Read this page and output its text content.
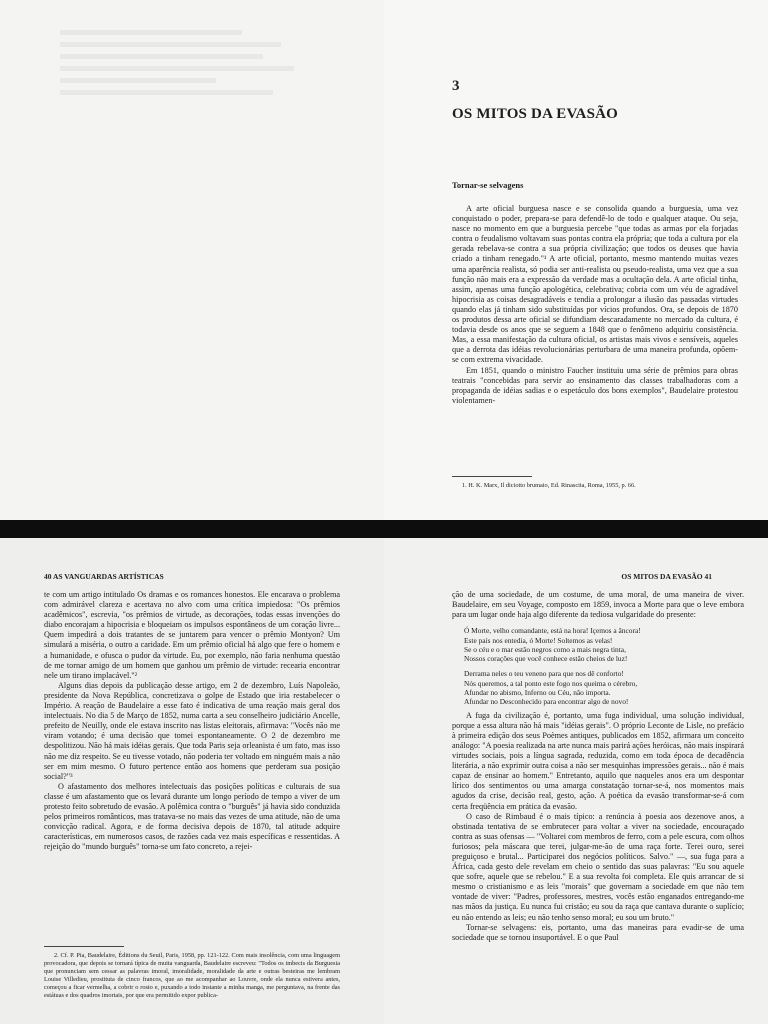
3
OS MITOS DA EVASÃO
Tornar-se selvagens

A arte oficial burguesa nasce e se consolida quando a burguesia, uma vez conquistado o poder, prepara-se para defendê-lo de todo e qualquer ataque. Ou seja, nasce no momento em que a burguesia percebe "que todas as armas por ela forjadas contra o feudalismo voltavam suas pontas contra ela própria; que toda a cultura por ela gerada rebelava-se contra a sua própria civilização; que todos os deuses que havia criado a tinham renegado."¹ A arte oficial, portanto, mesmo mantendo muitas vezes uma aparência realista, só podia ser anti-realista ou pseudo-realista, uma vez que a sua função não mais era a expressão da verdade mas a ocultação dela. A arte oficial tinha, assim, apenas uma função apologética, celebrativa; cobria com um véu de agradável hipocrisia as coisas desagradáveis e tendia a prolongar a ilusão das passadas virtudes quando elas já tinham sido substituídas por vícios profundos. Ora, se depois de 1870 os produtos dessa arte oficial se difundiam descaradamente no mercado da cultura, é todavia desde os anos que se seguem a 1848 que o fenômeno adquiriu consistência. Mas, a essa manifestação da cultura oficial, os artistas mais vivos e sensíveis, aqueles que a derrota das idéias revolucionárias perturbara de uma maneira profunda, opõem-se com extrema vivacidade.

Em 1851, quando o ministro Faucher instituiu uma série de prêmios para obras teatrais "concebidas para servir ao ensinamento das classes trabalhadoras com a propaganda de idéias sadias e o espetáculo dos bons exemplos", Baudelaire protestou violentamen-

1. H. K. Marx, Il diciotto brumaio, Ed. Rinascita, Roma, 1955, p. 66.

40 AS VANGUARDAS ARTÍSTICAS

te com um artigo intitulado Os dramas e os romances honestos. Ele encarava o problema com admirável clareza e acertava no alvo com uma crítica impiedosa: "Os prêmios acadêmicos", escrevia, "os prêmios de virtude, as decorações, todas essas invenções do diabo encorajam a hipocrisia e bloqueiam os impulsos espontâneos de um coração livre... Quem impedirá a dois tratantes de se juntarem para vencer o prêmio Montyon? Um simulará a miséria, o outro a caridade. Em um prêmio oficial há algo que fere o homem e a humanidade, e ofusca o pudor da virtude. Eu, por exemplo, não faria nenhuma questão de me tornar amigo de um homem que ganhou um prêmio de virtude: recearia encontrar nele um tirano implacável."²

Alguns dias depois da publicação desse artigo, em 2 de dezembro, Luís Napoleão, presidente da Nova República, concretizava o golpe de Estado que iria restabelecer o Império. A reação de Baudelaire a esse fato é indicativa de uma reação mais geral dos intelectuais. No dia 5 de Março de 1852, numa carta a seu conselheiro judiciário Ancelle, prefeito de Neuilly, onde ele estava inscrito nas listas eleitorais, afirmava: "Vocês não me viram votando; é uma decisão que tomei espontaneamente. O 2 de dezembro me despolitizou. Não há mais idéias gerais. Que toda Paris seja orleanista é um fato, mas isso não me diz respeito. Se eu tivesse votado, não poderia ter voltado em ninguém mais a não ser em mim mesmo. O futuro pertence então aos homens que perderam sua posição social?"³

O afastamento dos melhores intelectuais das posições políticas e culturais de sua classe é um afastamento que os levará durante um longo período de tempo a viver de um protesto feito sobretudo de evasão. A polêmica contra o "burguês" já havia sido conduzida pelos primeiros românticos, mas tratava-se no mais das vezes de uma atitude, não de uma convicção radical. Agora, e de forma decisiva depois de 1870, tal atitude adquire características, em numerosos casos, de razões cada vez mais específicas e ressentidas. A rejeição do "mundo burguês" torna-se um fato concreto, a rejei-

2. Cf. P. Pia, Baudelaire, Éditions du Seuil, Paris, 1958, pp. 121-122. Com mais insolência, com uma linguagem provocadora, que depois se tornará típica de muita vanguarda, Baudelaire escreveu: "Todos os imbecis da Burguesia que pronunciam sem cessar as palavras imoral, imoralidade, moralidade da arte e outras besteiras me lembram Louise Villedieu, prostituta de cinco francos, que ao me acompanhar ao Louvre, onde ela nunca estivera antes, começou a ficar vermelha, a cobrir o rosto e, puxando a todo instante a minha manga, me perguntava, na frente das estátuas e dos quadros imortais, por que era permitido expor publica-

OS MITOS DA EVASÃO 41

ção de uma sociedade, de um costume, de uma moral, de uma maneira de viver. Baudelaire, em seu Voyage, composto em 1859, invoca a Morte para que o leve embora para um lugar onde haja algo diferente da tediosa vulgaridade do presente:

Ó Morte, velho comandante, está na hora! Içemos a âncora!
Este país nos entedia, ó Morte! Soltemos as velas!
Se o céu e o mar estão negros como a mais negra tinta,
Nossos corações que você conhece estão cheios de luz!
Derrama neles o teu veneno para que nos dê conforto!
Nós queremos, a tal ponto este fogo nos queima o cérebro,
Afundar no abismo, Inferno ou Céu, não importa.
Afundar no Desconhecido para encontrar algo de novo!

A fuga da civilização é, portanto, uma fuga individual, uma solução individual, porque a essa altura não há mais "idéias gerais". O próprio Leconte de Lisle, no prefácio à primeira edição dos seus Poèmes antiques, publicados em 1852, afirmara um conceito análogo: "A poesia realizada na arte nunca mais parirá ações heróicas, não mais inspirará virtudes sociais, pois a língua sagrada, reduzida, como em toda época de decadência literária, a não exprimir outra coisa a não ser mesquinhas impressões gerais... não é mais capaz de ensinar ao homem." Entretanto, aquilo que naqueles anos era um despontar lírico dos sentimentos ou uma amarga constatação tornar-se-á, nos momentos mais agudos da crise, decisão real, gesto, ação. A poética da evasão transformar-se-á com certa freqüência em prática da evasão.

O caso de Rimbaud é o mais típico: a renúncia à poesia aos dezenove anos, a obstinada tentativa de se embrutecer para voltar a viver na sociedade, encouraçado contra as suas ofensas — "Voltarei com membros de ferro, com a pele escura, com olhos furiosos; pela máscara que terei, julgar-me-ão de uma raça forte. Terei ouro, serei preguiçoso e brutal... Participarei dos negócios políticos. Salvo." —, sua fuga para a África, cada gesto dele revelam em cheio o sentido das suas palavras: "Eu sou aquele que sofre, aquele que se rebelou." E a sua revolta foi completa. Ele quis arrancar de si mesmo o cristianismo e as leis "morais" que governam a sociedade em que não tem vontade de viver: "Padres, professores, mestres, vocês estão enganados entregando-me nas mãos da justiça. Eu nunca fui cristão; eu sou da raça que cantava durante o suplício; eu não entendo as leis; eu não tenho senso moral; eu sou um bruto."

Tornar-se selvagens: eis, portanto, uma das maneiras para evadir-se de uma sociedade que se tornou insuportável. E o que Paul
